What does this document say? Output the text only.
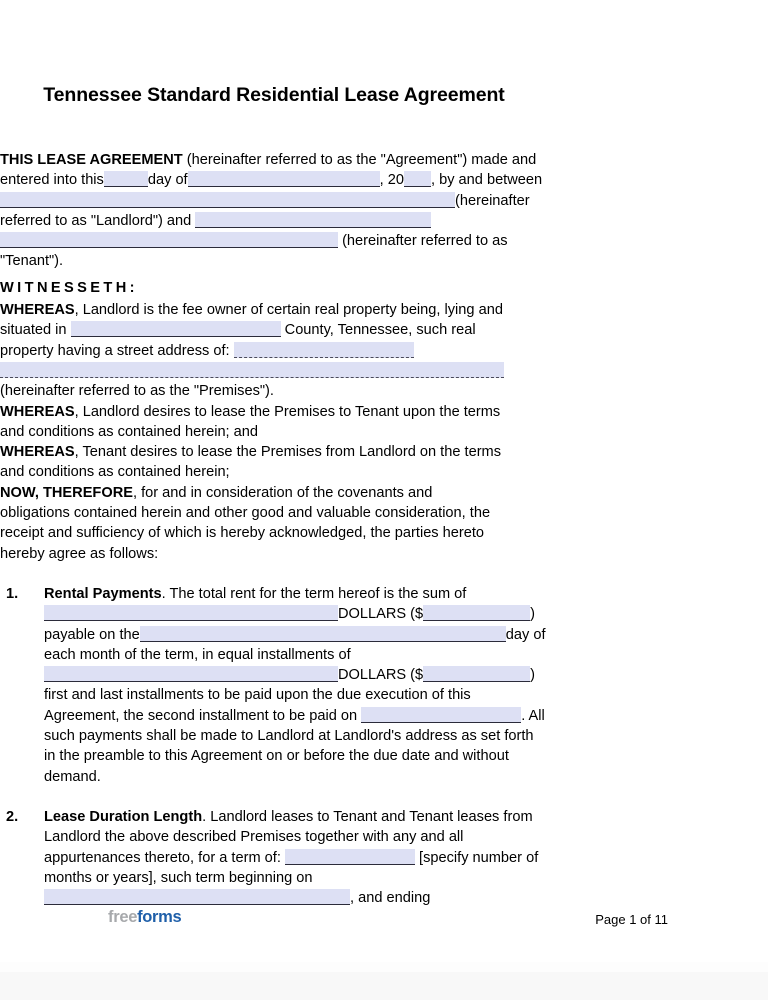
Tennessee Standard Residential Lease Agreement

THIS LEASE AGREEMENT (hereinafter referred to as the "Agreement") made and entered into this	day of	, 20 , by and between(hereinafter referred to as "Landlord") and  (hereinafter referred to as "Tenant").

WITNESSETH:

WHEREAS, Landlord is the fee owner of certain real property being, lying and situated in	County, Tennessee, such real property having a street address of: (hereinafter referred to as the "Premises").

WHEREAS, Landlord desires to lease the Premises to Tenant upon the terms and conditions as contained herein; and

WHEREAS, Tenant desires to lease the Premises from Landlord on the terms and conditions as contained herein;

NOW, THEREFORE, for and in consideration of the covenants and obligations contained herein and other good and valuable consideration, the receipt and sufficiency of which is hereby acknowledged, the parties hereto hereby agree as follows:

1. Rental Payments. The total rent for the term hereof is the sum of DOLLARS ($	) payable on the	day of each month of the term, in equal installments of DOLLARS ($	) first and last installments to be paid upon the due execution of this Agreement, the second installment to be paid on	. All such payments shall be made to Landlord at Landlord's address as set forth in the preamble to this Agreement on or before the due date and without demand.

2. Lease Duration Length. Landlord leases to Tenant and Tenant leases from Landlord the above described Premises together with any and all appurtenances thereto, for a term of:	[specify number of months or years], such term beginning on , and ending

freeforms	Page 1 of 11
